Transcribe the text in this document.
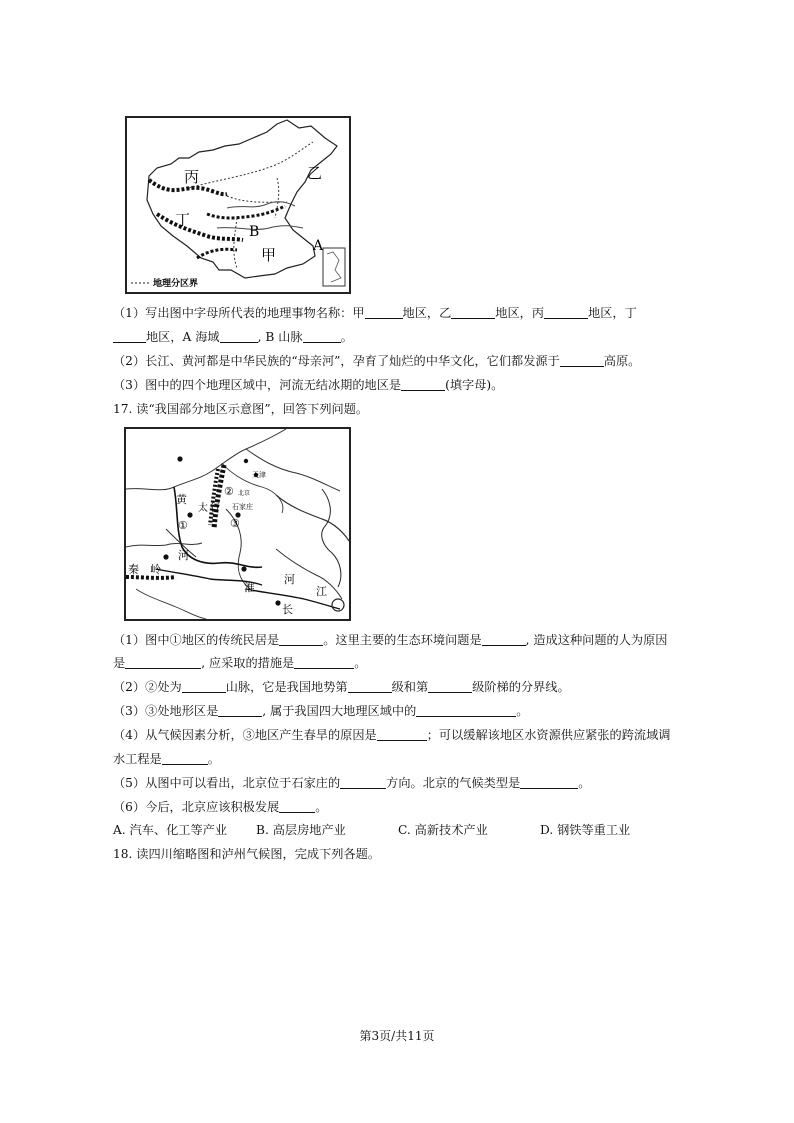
丙	乙
丁
B
甲	A
地理分区界
（1）写出图中字母所代表的地理事物名称：甲	地区，乙	地区，丙	地区，丁
地区，A 海域	, B 山脉	。
（2）长江、黄河都是中华民族的“母亲河”，孕育了灿烂的中华文化，它们都发源于	高原。
（3）图中的四个地理区域中，河流无结冰期的地区是	(填字母)。
17. 读“我国部分地区示意图”，回答下列问题。
黄
太 行
①
②
③
河
秦　岭
淮
河
长
江
天津
北京
石家庄
（1）图中①地区的传统民居是	。这里主要的生态环境问题是	, 造成这种问题的人为原因
是	, 应采取的措施是	。
（2）②处为	山脉，它是我国地势第	级和第	级阶梯的分界线。
（3）③处地形区是	, 属于我国四大地理区域中的	。
（4）从气候因素分析，③地区产生春旱的原因是	；可以缓解该地区水资源供应紧张的跨流域调
水工程是	。
（5）从图中可以看出，北京位于石家庄的	方向。北京的气候类型是	。
（6）今后，北京应该积极发展	。
A. 汽车、化工等产业 B. 高层房地产业	C. 高新技术产业	D. 钢铁等重工业
18. 读四川缩略图和泸州气候图，完成下列各题。
第3页/共11页
